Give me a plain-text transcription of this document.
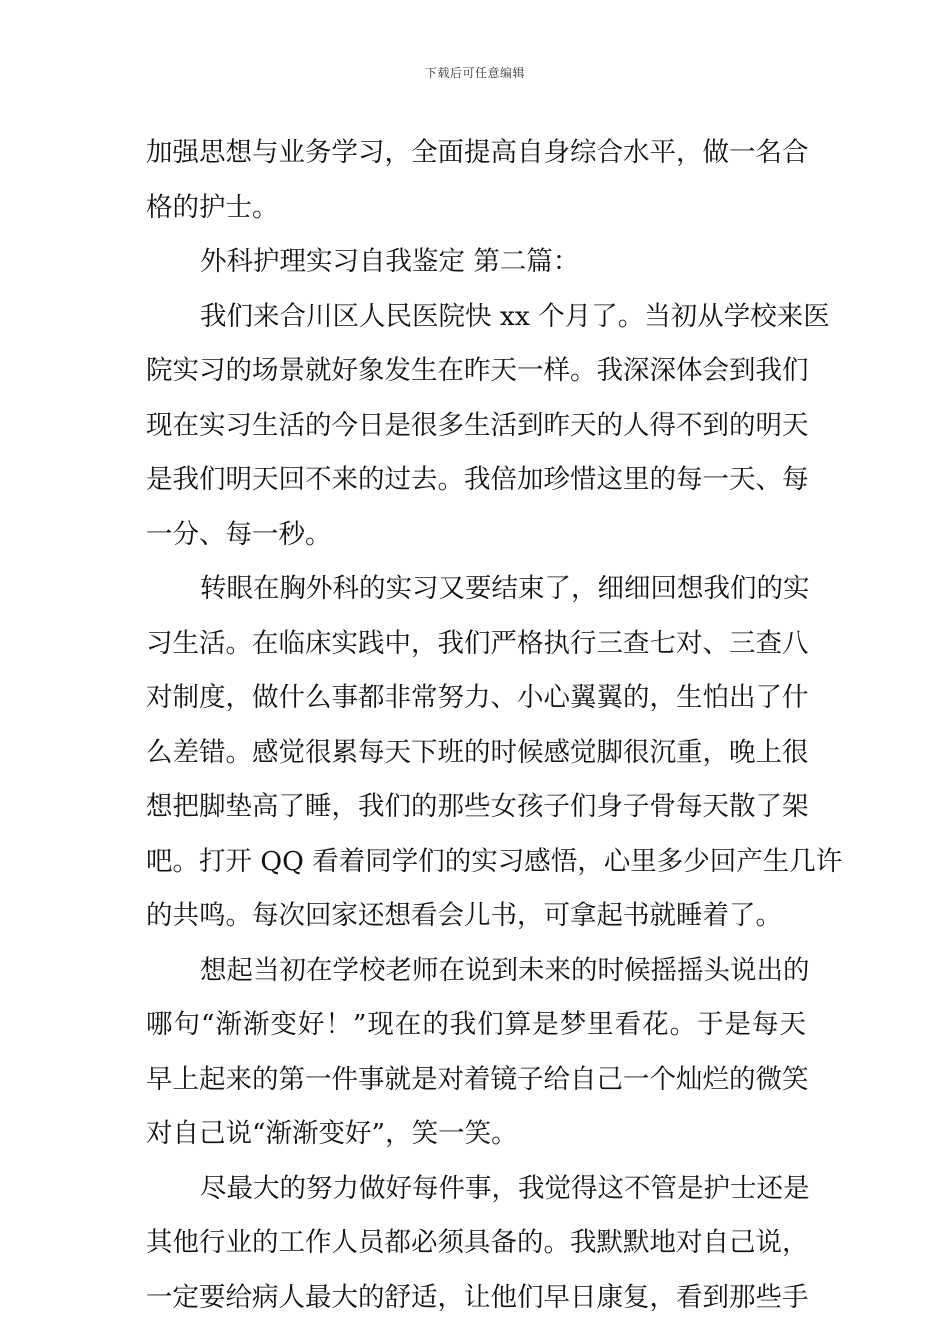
下载后可任意编辑
加强思想与业务学习，全面提高自身综合水平，做一名合
格的护士。
外科护理实习自我鉴定 第二篇：
我们来合川区人民医院快 xx 个月了。当初从学校来医
院实习的场景就好象发生在昨天一样。我深深体会到我们
现在实习生活的今日是很多生活到昨天的人得不到的明天
是我们明天回不来的过去。我倍加珍惜这里的每一天、每
一分、每一秒。
转眼在胸外科的实习又要结束了，细细回想我们的实
习生活。在临床实践中，我们严格执行三查七对、三查八
对制度，做什么事都非常努力、小心翼翼的，生怕出了什
么差错。感觉很累每天下班的时候感觉脚很沉重，晚上很
想把脚垫高了睡，我们的那些女孩子们身子骨每天散了架
吧。打开 QQ 看着同学们的实习感悟，心里多少回产生几许
的共鸣。每次回家还想看会儿书，可拿起书就睡着了。
想起当初在学校老师在说到未来的时候摇摇头说出的
哪句“渐渐变好！”现在的我们算是梦里看花。于是每天
早上起来的第一件事就是对着镜子给自己一个灿烂的微笑
对自己说“渐渐变好”，笑一笑。
尽最大的努力做好每件事，我觉得这不管是护士还是
其他行业的工作人员都必须具备的。我默默地对自己说，
一定要给病人最大的舒适，让他们早日康复，看到那些手
